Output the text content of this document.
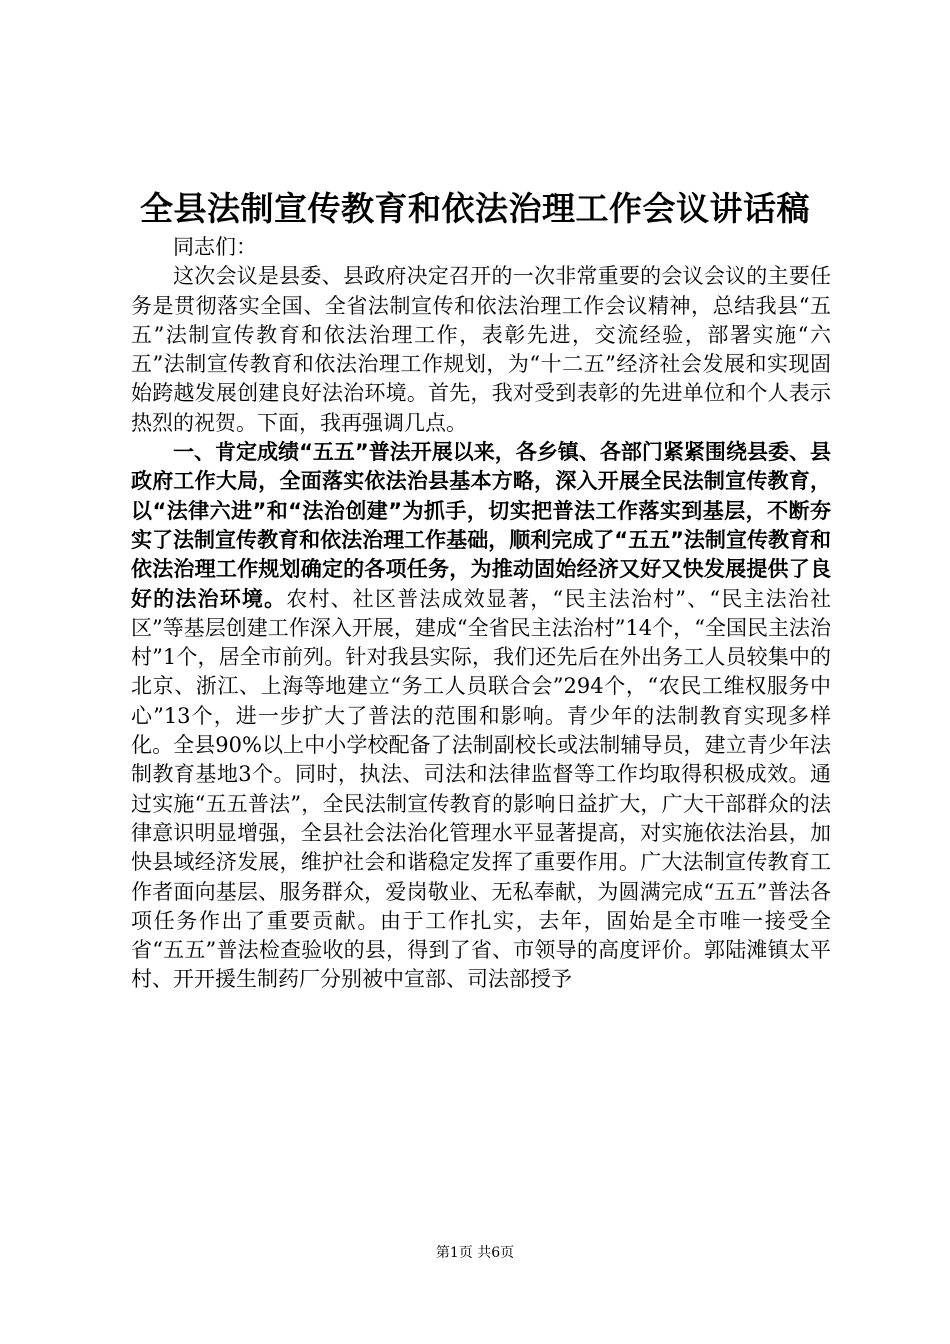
全县法制宣传教育和依法治理工作会议讲话稿

同志们：

这次会议是县委、县政府决定召开的一次非常重要的会议会议的主要任务是贯彻落实全国、全省法制宣传和依法治理工作会议精神，总结我县“五五”法制宣传教育和依法治理工作，表彰先进，交流经验，部署实施“六五”法制宣传教育和依法治理工作规划，为“十二五”经济社会发展和实现固始跨越发展创建良好法治环境。首先，我对受到表彰的先进单位和个人表示热烈的祝贺。下面，我再强调几点。

一、肯定成绩“五五”普法开展以来，各乡镇、各部门紧紧围绕县委、县政府工作大局，全面落实依法治县基本方略，深入开展全民法制宣传教育，以“法律六进”和“法治创建”为抓手，切实把普法工作落实到基层，不断夯实了法制宣传教育和依法治理工作基础，顺利完成了“五五”法制宣传教育和依法治理工作规划确定的各项任务，为推动固始经济又好又快发展提供了良好的法治环境。农村、社区普法成效显著，“民主法治村”、“民主法治社区”等基层创建工作深入开展，建成“全省民主法治村”14个，“全国民主法治村”1个，居全市前列。针对我县实际，我们还先后在外出务工人员较集中的北京、浙江、上海等地建立“务工人员联合会”294个，“农民工维权服务中心”13个，进一步扩大了普法的范围和影响。青少年的法制教育实现多样化。全县90%以上中小学校配备了法制副校长或法制辅导员，建立青少年法制教育基地3个。同时，执法、司法和法律监督等工作均取得积极成效。通过实施“五五普法”，全民法制宣传教育的影响日益扩大，广大干部群众的法律意识明显增强，全县社会法治化管理水平显著提高，对实施依法治县，加快县域经济发展，维护社会和谐稳定发挥了重要作用。广大法制宣传教育工作者面向基层、服务群众，爱岗敬业、无私奉献，为圆满完成“五五”普法各项任务作出了重要贡献。由于工作扎实，去年，固始是全市唯一接受全省“五五”普法检查验收的县，得到了省、市领导的高度评价。郭陆滩镇太平村、开开援生制药厂分别被中宣部、司法部授予

第1页 共6页
